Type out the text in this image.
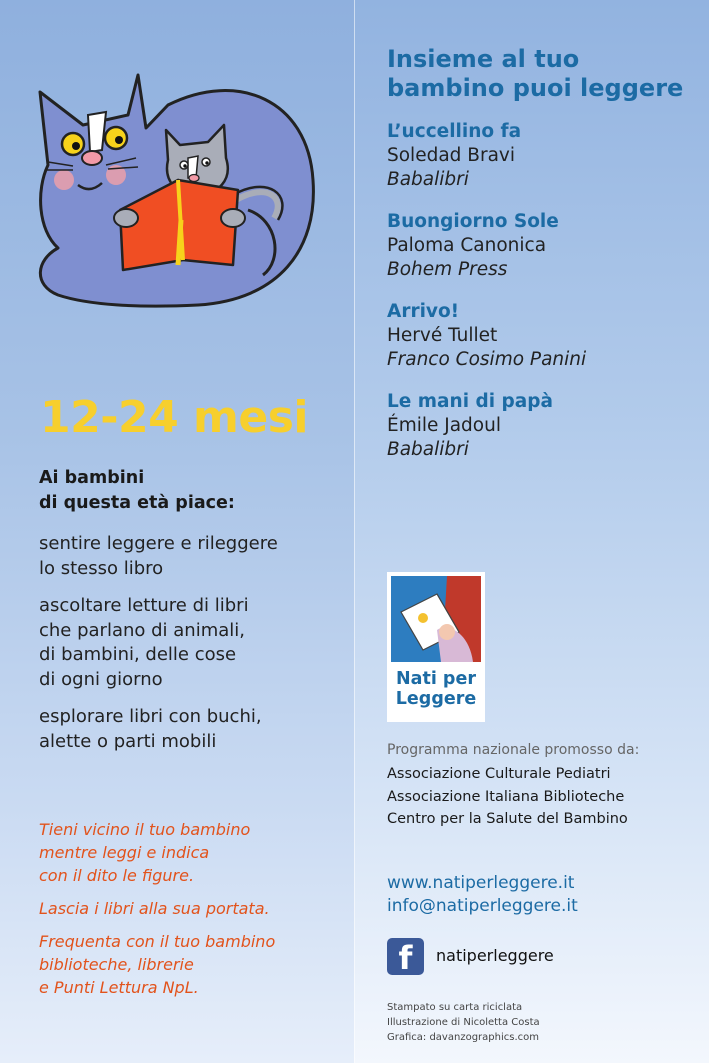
12-24 mesi
Ai bambini
di questa età piace:
sentire leggere e rileggere
lo stesso libro
ascoltare letture di libri
che parlano di animali,
di bambini, delle cose
di ogni giorno
esplorare libri con buchi,
alette o parti mobili
Tieni vicino il tuo bambino
mentre leggi e indica
con il dito le figure.
Lascia i libri alla sua portata.
Frequenta con il tuo bambino
biblioteche, librerie
e Punti Lettura NpL.
Insieme al tuo
bambino puoi leggere
L’uccellino fa
Soledad Bravi
Babalibri
Buongiorno Sole
Paloma Canonica
Bohem Press
Arrivo!
Hervé Tullet
Franco Cosimo Panini
Le mani di papà
Émile Jadoul
Babalibri
Nati per
Leggere
Programma nazionale promosso da:
Associazione Culturale Pediatri
Associazione Italiana Biblioteche
Centro per la Salute del Bambino
www.natiperleggere.it
info@natiperleggere.it
f	natiperleggere
Stampato su carta riciclata
Illustrazione di Nicoletta Costa
Grafica: davanzographics.com
